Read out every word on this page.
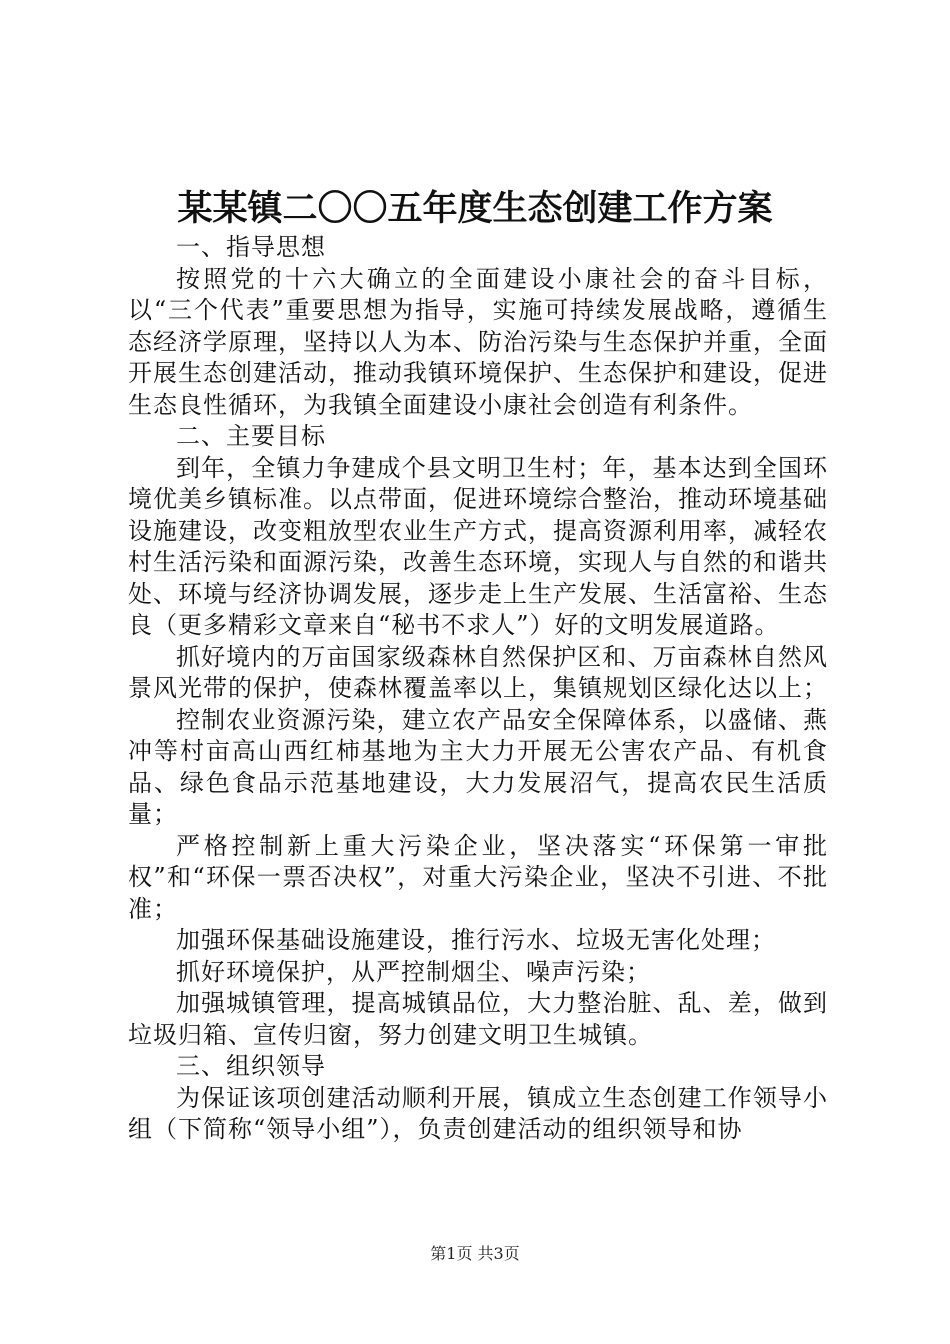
某某镇二〇〇五年度生态创建工作方案

一、指导思想

按照党的十六大确立的全面建设小康社会的奋斗目标，以“三个代表”重要思想为指导，实施可持续发展战略，遵循生态经济学原理，坚持以人为本、防治污染与生态保护并重，全面开展生态创建活动，推动我镇环境保护、生态保护和建设，促进生态良性循环，为我镇全面建设小康社会创造有利条件。

二、主要目标

到年，全镇力争建成个县文明卫生村；年，基本达到全国环境优美乡镇标准。以点带面，促进环境综合整治，推动环境基础设施建设，改变粗放型农业生产方式，提高资源利用率，减轻农村生活污染和面源污染，改善生态环境，实现人与自然的和谐共处、环境与经济协调发展，逐步走上生产发展、生活富裕、生态良（更多精彩文章来自“秘书不求人”）好的文明发展道路。

抓好境内的万亩国家级森林自然保护区和、万亩森林自然风景风光带的保护，使森林覆盖率以上，集镇规划区绿化达以上；

控制农业资源污染，建立农产品安全保障体系，以盛储、燕冲等村亩高山西红柿基地为主大力开展无公害农产品、有机食品、绿色食品示范基地建设，大力发展沼气，提高农民生活质量；

严格控制新上重大污染企业，坚决落实“环保第一审批权”和“环保一票否决权”，对重大污染企业，坚决不引进、不批准；

加强环保基础设施建设，推行污水、垃圾无害化处理；

抓好环境保护，从严控制烟尘、噪声污染；

加强城镇管理，提高城镇品位，大力整治脏、乱、差，做到垃圾归箱、宣传归窗，努力创建文明卫生城镇。

三、组织领导

为保证该项创建活动顺利开展，镇成立生态创建工作领导小组（下简称“领导小组”），负责创建活动的组织领导和协

第1页 共3页
